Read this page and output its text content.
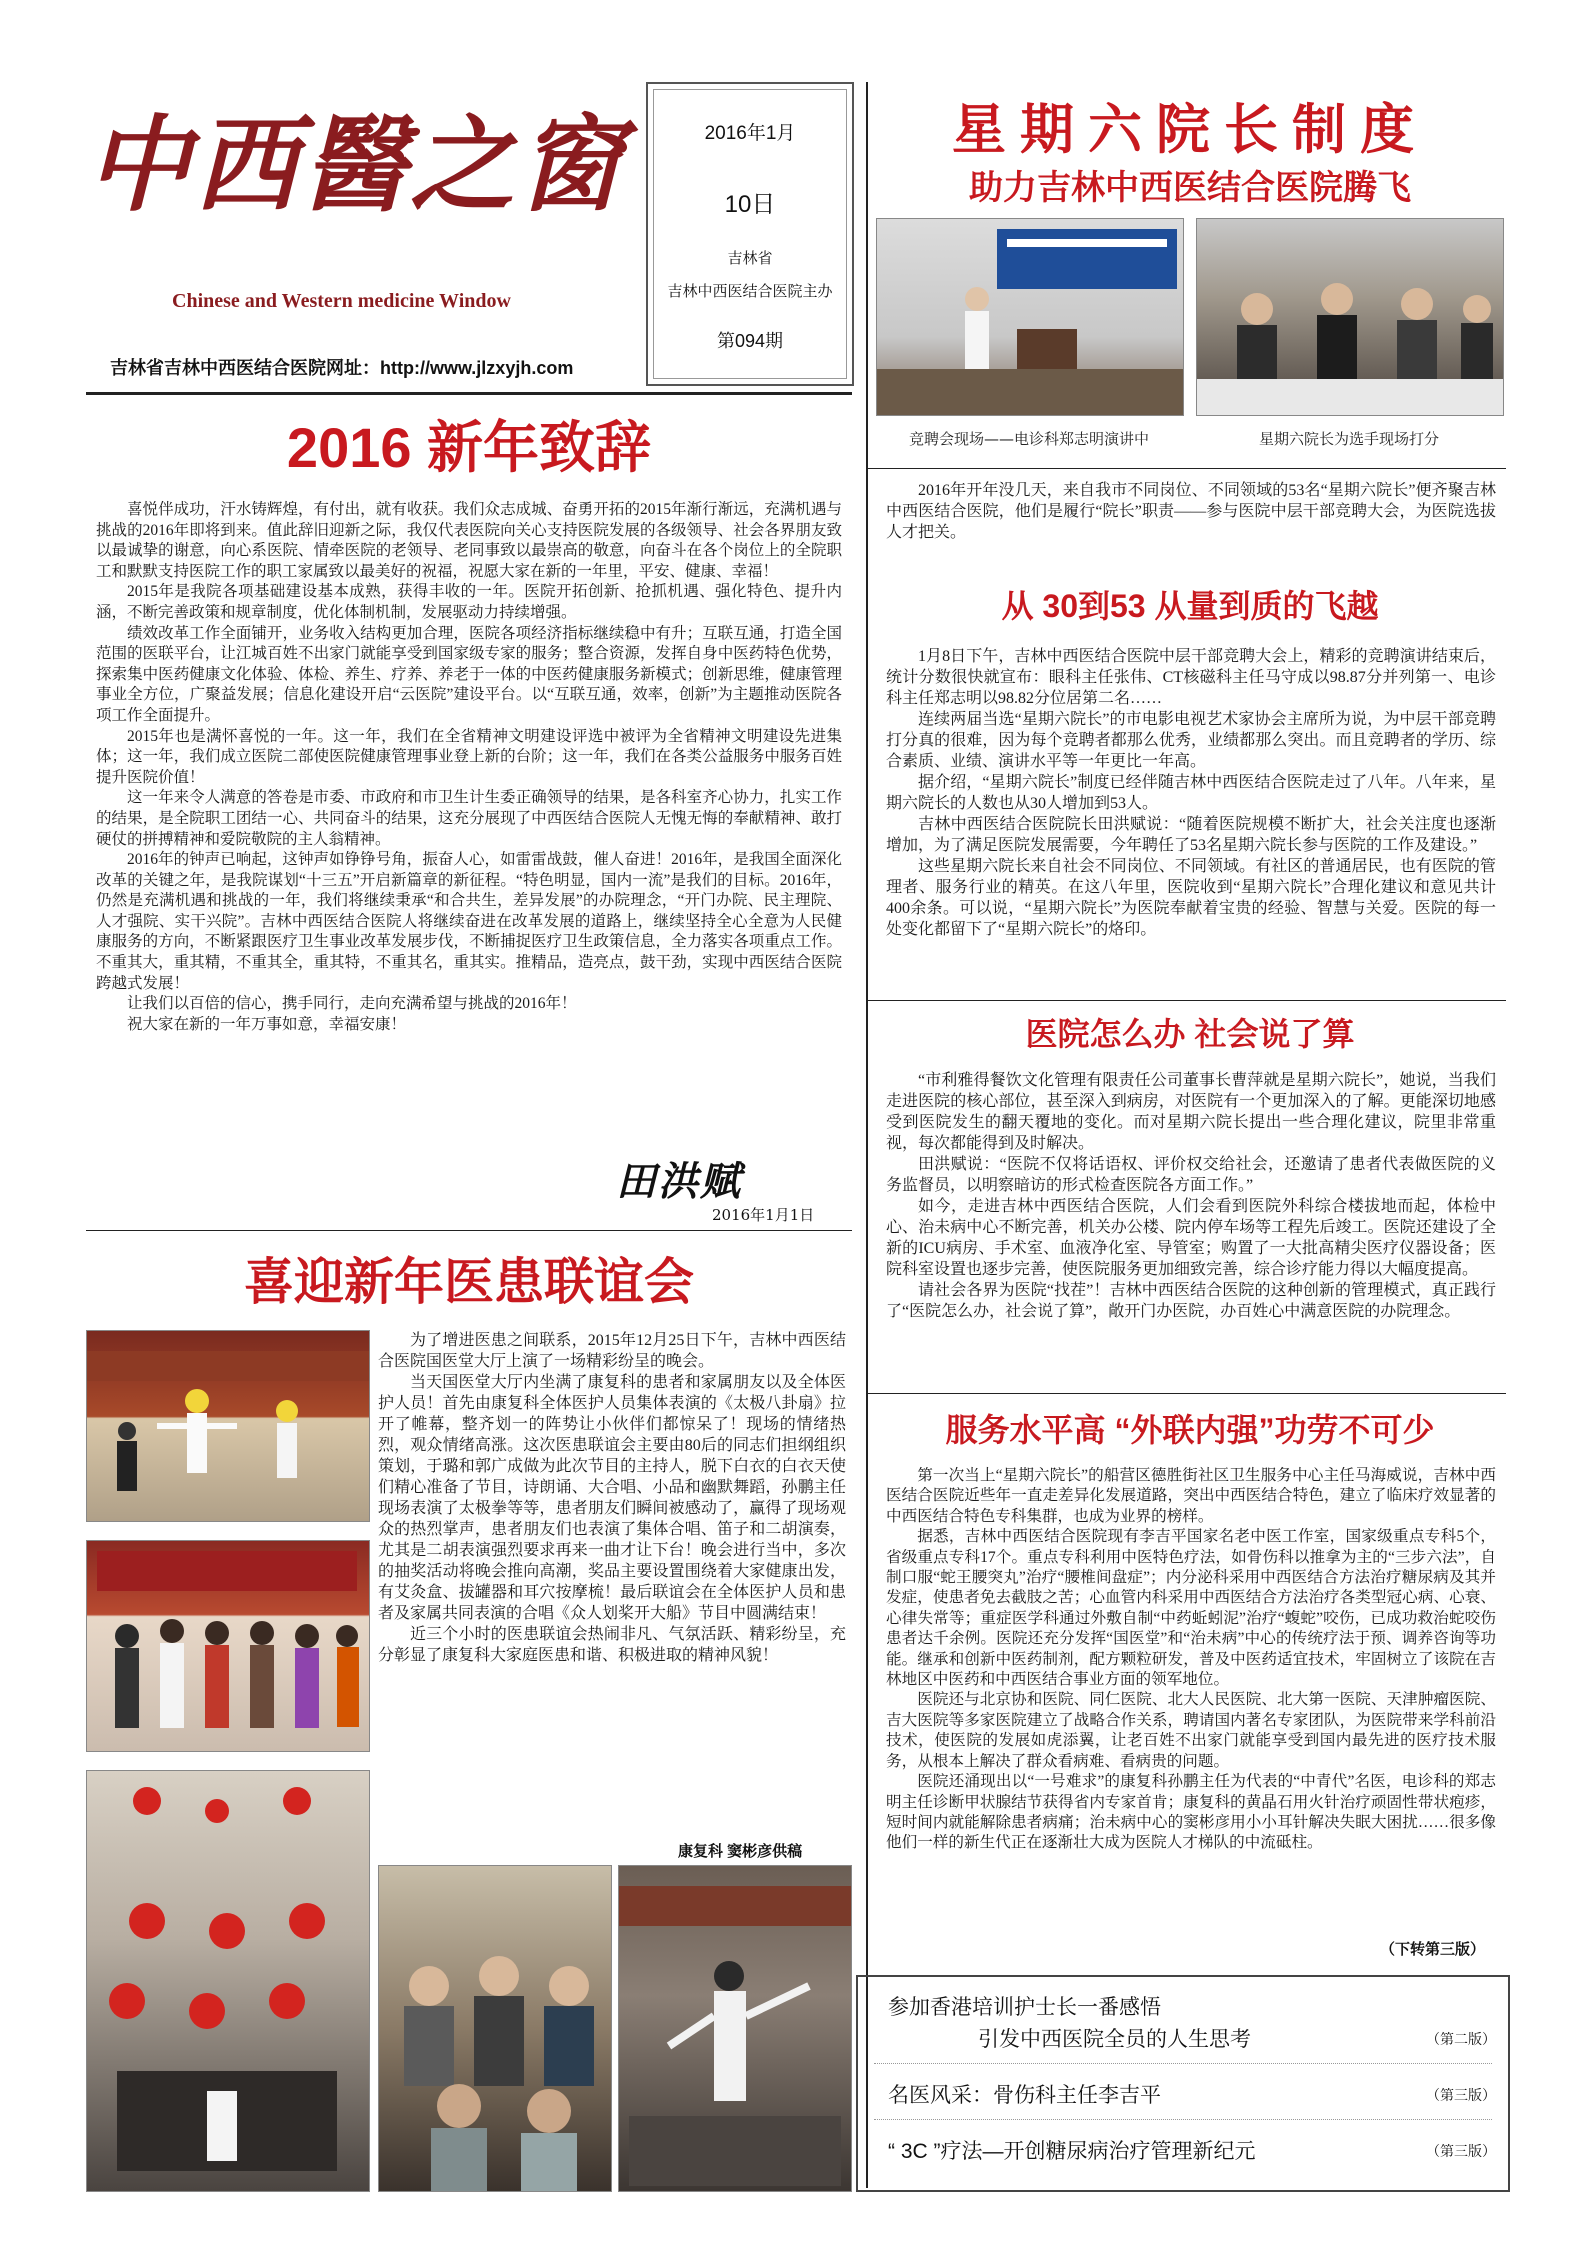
中西醫之窗
Chinese and Western medicine Window
吉林省吉林中西医结合医院网址：http://www.jlzxyjh.com
2016年1月
10日
吉林省
吉林中西医结合医院主办
第094期
2016 新年致辞

喜悦伴成功，汗水铸辉煌，有付出，就有收获。我们众志成城、奋勇开拓的2015年渐行渐远，充满机遇与挑战的2016年即将到来。值此辞旧迎新之际，我仅代表医院向关心支持医院发展的各级领导、社会各界朋友致以最诚挚的谢意，向心系医院、情牵医院的老领导、老同事致以最崇高的敬意，向奋斗在各个岗位上的全院职工和默默支持医院工作的职工家属致以最美好的祝福，祝愿大家在新的一年里，平安、健康、幸福！

2015年是我院各项基础建设基本成熟，获得丰收的一年。医院开拓创新、抢抓机遇、强化特色、提升内涵，不断完善政策和规章制度，优化体制机制，发展驱动力持续增强。

绩效改革工作全面铺开，业务收入结构更加合理，医院各项经济指标继续稳中有升；互联互通，打造全国范围的医联平台，让江城百姓不出家门就能享受到国家级专家的服务；整合资源，发挥自身中医药特色优势，探索集中医药健康文化体验、体检、养生、疗养、养老于一体的中医药健康服务新模式；创新思维，健康管理事业全方位，广聚益发展；信息化建设开启“云医院”建设平台。以“互联互通，效率，创新”为主题推动医院各项工作全面提升。

2015年也是满怀喜悦的一年。这一年，我们在全省精神文明建设评选中被评为全省精神文明建设先进集体；这一年，我们成立医院二部使医院健康管理事业登上新的台阶；这一年，我们在各类公益服务中服务百姓提升医院价值！

这一年来令人满意的答卷是市委、市政府和市卫生计生委正确领导的结果，是各科室齐心协力，扎实工作的结果，是全院职工团结一心、共同奋斗的结果，这充分展现了中西医结合医院人无愧无悔的奉献精神、敢打硬仗的拼搏精神和爱院敬院的主人翁精神。

2016年的钟声已响起，这钟声如铮铮号角，振奋人心，如雷雷战鼓，催人奋进！2016年，是我国全面深化改革的关键之年，是我院谋划“十三五”开启新篇章的新征程。“特色明显，国内一流”是我们的目标。2016年，仍然是充满机遇和挑战的一年，我们将继续秉承“和合共生，差异发展”的办院理念，“开门办院、民主理院、人才强院、实干兴院”。吉林中西医结合医院人将继续奋进在改革发展的道路上，继续坚持全心全意为人民健康服务的方向，不断紧跟医疗卫生事业改革发展步伐，不断捕捉医疗卫生政策信息，全力落实各项重点工作。不重其大，重其精，不重其全，重其特，不重其名，重其实。推精品，造亮点，鼓干劲，实现中西医结合医院跨越式发展！

让我们以百倍的信心，携手同行，走向充满希望与挑战的2016年！

祝大家在新的一年万事如意，幸福安康！

田洪赋
2016年1月1日
喜迎新年医患联谊会

为了增进医患之间联系，2015年12月25日下午，吉林中西医结合医院国医堂大厅上演了一场精彩纷呈的晚会。

当天国医堂大厅内坐满了康复科的患者和家属朋友以及全体医护人员！首先由康复科全体医护人员集体表演的《太极八卦扇》拉开了帷幕，整齐划一的阵势让小伙伴们都惊呆了！现场的情绪热烈，观众情绪高涨。这次医患联谊会主要由80后的同志们担纲组织策划，于璐和郭广成做为此次节目的主持人，脱下白衣的白衣天使们精心准备了节目，诗朗诵、大合唱、小品和幽默舞蹈，孙鹏主任现场表演了太极拳等等，患者朋友们瞬间被感动了，赢得了现场观众的热烈掌声，患者朋友们也表演了集体合唱、笛子和二胡演奏，尤其是二胡表演强烈要求再来一曲才让下台！晚会进行当中，多次的抽奖活动将晚会推向高潮，奖品主要设置围绕着大家健康出发，有艾灸盒、拔罐器和耳穴按摩梳！最后联谊会在全体医护人员和患者及家属共同表演的合唱《众人划桨开大船》节目中圆满结束！

近三个小时的医患联谊会热闹非凡、气氛活跃、精彩纷呈，充分彰显了康复科大家庭医患和谐、积极进取的精神风貌！

康复科 窦彬彦供稿
星期六院长制度
助力吉林中西医结合医院腾飞
竞聘会现场——电诊科郑志明演讲中	星期六院长为选手现场打分

2016年开年没几天，来自我市不同岗位、不同领域的53名“星期六院长”便齐聚吉林中西医结合医院，他们是履行“院长”职责——参与医院中层干部竞聘大会，为医院选拔人才把关。

从 30到53 从量到质的飞越

1月8日下午，吉林中西医结合医院中层干部竞聘大会上，精彩的竞聘演讲结束后，统计分数很快就宣布：眼科主任张伟、CT核磁科主任马守成以98.87分并列第一、电诊科主任郑志明以98.82分位居第二名……

连续两届当选“星期六院长”的市电影电视艺术家协会主席所为说，为中层干部竞聘打分真的很难，因为每个竞聘者都那么优秀，业绩都那么突出。而且竞聘者的学历、综合素质、业绩、演讲水平等一年更比一年高。

据介绍，“星期六院长”制度已经伴随吉林中西医结合医院走过了八年。八年来，星期六院长的人数也从30人增加到53人。

吉林中西医结合医院院长田洪赋说：“随着医院规模不断扩大，社会关注度也逐渐增加，为了满足医院发展需要，今年聘任了53名星期六院长参与医院的工作及建设。”

这些星期六院长来自社会不同岗位、不同领域。有社区的普通居民，也有医院的管理者、服务行业的精英。在这八年里，医院收到“星期六院长”合理化建议和意见共计400余条。可以说，“星期六院长”为医院奉献着宝贵的经验、智慧与关爱。医院的每一处变化都留下了“星期六院长”的烙印。

医院怎么办 社会说了算

“市利雅得餐饮文化管理有限责任公司董事长曹萍就是星期六院长”，她说，当我们走进医院的核心部位，甚至深入到病房，对医院有一个更加深入的了解。更能深切地感受到医院发生的翻天覆地的变化。而对星期六院长提出一些合理化建议，院里非常重视，每次都能得到及时解决。

田洪赋说：“医院不仅将话语权、评价权交给社会，还邀请了患者代表做医院的义务监督员，以明察暗访的形式检查医院各方面工作。”

如今，走进吉林中西医结合医院，人们会看到医院外科综合楼拔地而起，体检中心、治未病中心不断完善，机关办公楼、院内停车场等工程先后竣工。医院还建设了全新的ICU病房、手术室、血液净化室、导管室；购置了一大批高精尖医疗仪器设备；医院科室设置也逐步完善，使医院服务更加细致完善，综合诊疗能力得以大幅度提高。

请社会各界为医院“找茬”！吉林中西医结合医院的这种创新的管理模式，真正践行了“医院怎么办，社会说了算”，敞开门办医院，办百姓心中满意医院的办院理念。

服务水平高 “外联内强”功劳不可少

第一次当上“星期六院长”的船营区德胜街社区卫生服务中心主任马海威说，吉林中西医结合医院近些年一直走差异化发展道路，突出中西医结合特色，建立了临床疗效显著的中西医结合特色专科集群，也成为业界的榜样。

据悉，吉林中西医结合医院现有李吉平国家名老中医工作室，国家级重点专科5个，省级重点专科17个。重点专科利用中医特色疗法，如骨伤科以推拿为主的“三步六法”，自制口服“蛇王腰突丸”治疗“腰椎间盘症”；内分泌科采用中西医结合方法治疗糖尿病及其并发症，使患者免去截肢之苦；心血管内科采用中西医结合方法治疗各类型冠心病、心衰、心律失常等；重症医学科通过外敷自制“中药蚯蚓泥”治疗“蝮蛇”咬伤，已成功救治蛇咬伤患者达千余例。医院还充分发挥“国医堂”和“治未病”中心的传统疗法于预、调养咨询等功能。继承和创新中医药制剂，配方颗粒研发，普及中医药适宜技术，牢固树立了该院在吉林地区中医药和中西医结合事业方面的领军地位。

医院还与北京协和医院、同仁医院、北大人民医院、北大第一医院、天津肿瘤医院、吉大医院等多家医院建立了战略合作关系，聘请国内著名专家团队，为医院带来学科前沿技术，使医院的发展如虎添翼，让老百姓不出家门就能享受到国内最先进的医疗技术服务，从根本上解决了群众看病难、看病贵的问题。

医院还涌现出以“一号难求”的康复科孙鹏主任为代表的“中青代”名医，电诊科的郑志明主任诊断甲状腺结节获得省内专家首肯；康复科的黄晶石用火针治疗顽固性带状疱疹，短时间内就能解除患者病痛；治未病中心的窦彬彦用小小耳针解决失眠大困扰……很多像他们一样的新生代正在逐渐壮大成为医院人才梯队的中流砥柱。

（下转第三版）
参加香港培训护士长一番感悟
引发中西医院全员的人生思考	（第二版）
名医风采：骨伤科主任李吉平	（第三版）
“ 3C ”疗法—开创糖尿病治疗管理新纪元	（第三版）
